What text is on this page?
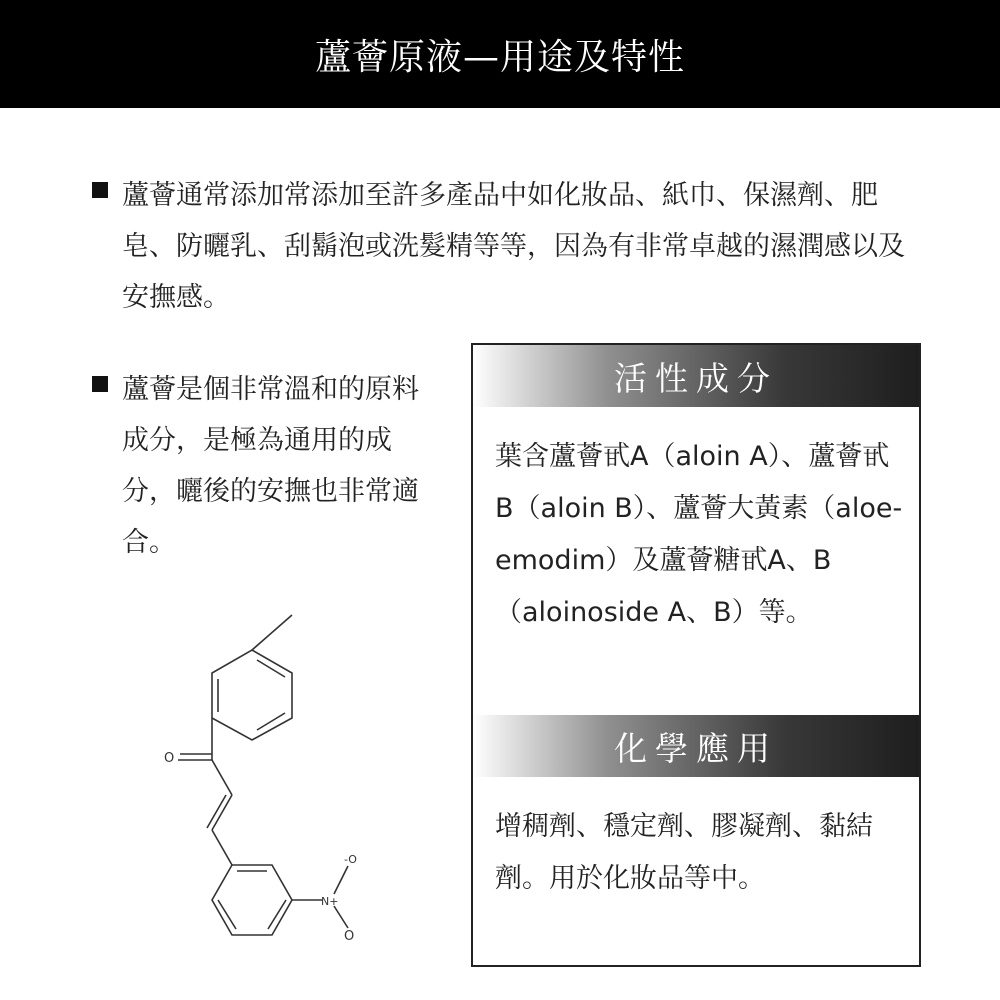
蘆薈原液—用途及特性
蘆薈通常添加常添加至許多產品中如化妝品、紙巾、保濕劑、肥皂、防曬乳、刮鬍泡或洗髮精等等，因為有非常卓越的濕潤感以及安撫感。
蘆薈是個非常溫和的原料成分，是極為通用的成分，曬後的安撫也非常適合。
活性成分
葉含蘆薈甙A（aloin A）、蘆薈甙B（aloin B）、蘆薈大黃素（aloe-emodim）及蘆薈糖甙A、B（aloinoside A、B）等。
化學應用
增稠劑、穩定劑、膠凝劑、黏結劑。用於化妝品等中。
O
N+
-O
O
